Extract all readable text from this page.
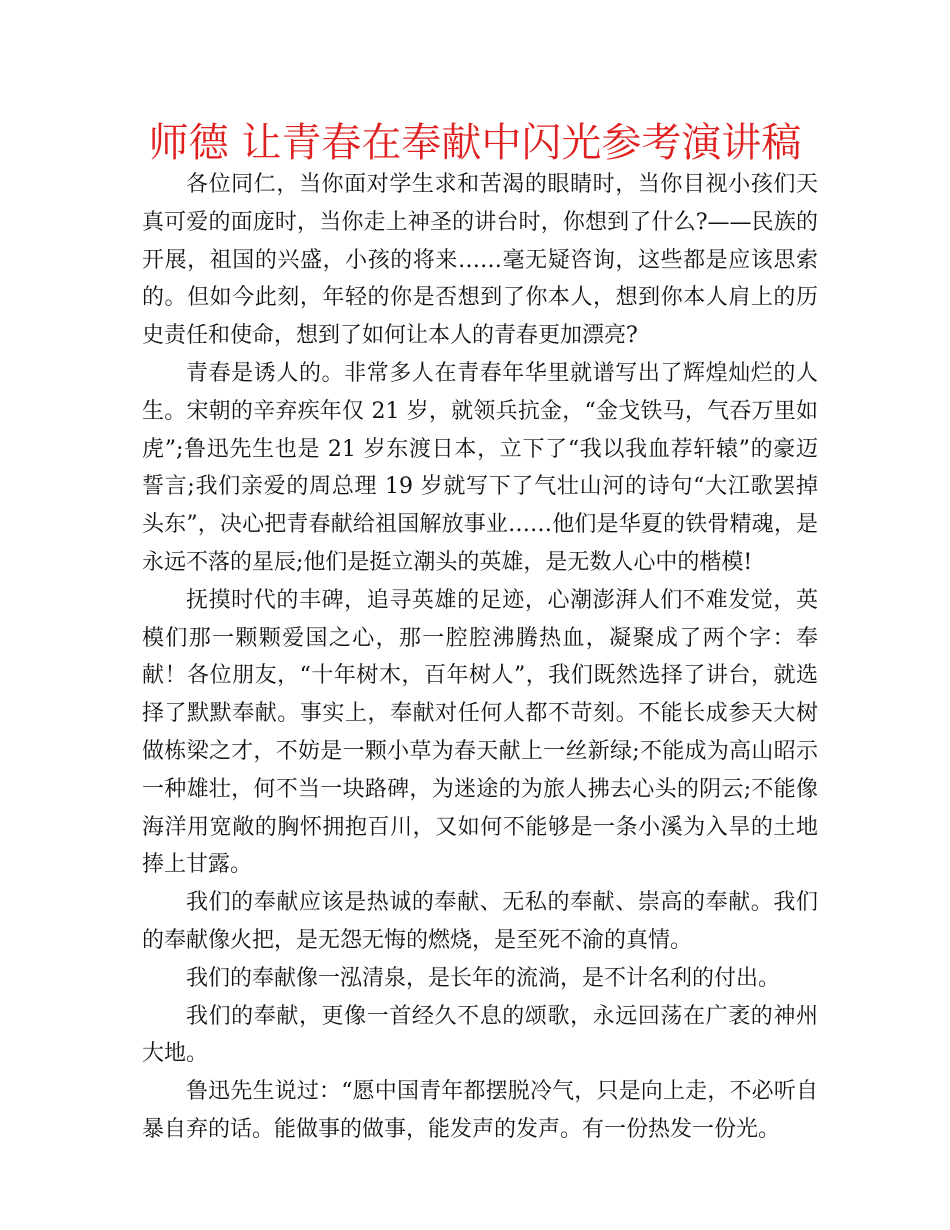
师德 让青春在奉献中闪光参考演讲稿

各位同仁，当你面对学生求和苦渴的眼睛时，当你目视小孩们天真可爱的面庞时，当你走上神圣的讲台时，你想到了什么?——民族的开展，祖国的兴盛，小孩的将来……毫无疑咨询，这些都是应该思索的。但如今此刻，年轻的你是否想到了你本人，想到你本人肩上的历史责任和使命，想到了如何让本人的青春更加漂亮?

青春是诱人的。非常多人在青春年华里就谱写出了辉煌灿烂的人生。宋朝的辛弃疾年仅 21 岁，就领兵抗金，“金戈铁马，气吞万里如虎”;鲁迅先生也是 21 岁东渡日本，立下了“我以我血荐轩辕”的豪迈誓言;我们亲爱的周总理 19 岁就写下了气壮山河的诗句“大江歌罢掉头东”，决心把青春献给祖国解放事业……他们是华夏的铁骨精魂，是永远不落的星辰;他们是挺立潮头的英雄，是无数人心中的楷模!

抚摸时代的丰碑，追寻英雄的足迹，心潮澎湃人们不难发觉，英模们那一颗颗爱国之心，那一腔腔沸腾热血，凝聚成了两个字：奉献！各位朋友，“十年树木，百年树人”，我们既然选择了讲台，就选择了默默奉献。事实上，奉献对任何人都不苛刻。不能长成参天大树做栋梁之才，不妨是一颗小草为春天献上一丝新绿;不能成为高山昭示一种雄壮，何不当一块路碑，为迷途的为旅人拂去心头的阴云;不能像海洋用宽敞的胸怀拥抱百川，又如何不能够是一条小溪为入旱的土地捧上甘露。

我们的奉献应该是热诚的奉献、无私的奉献、崇高的奉献。我们的奉献像火把，是无怨无悔的燃烧，是至死不渝的真情。

我们的奉献像一泓清泉，是长年的流淌，是不计名利的付出。

我们的奉献，更像一首经久不息的颂歌，永远回荡在广袤的神州大地。

鲁迅先生说过：“愿中国青年都摆脱冷气，只是向上走，不必听自暴自弃的话。能做事的做事，能发声的发声。有一份热发一份光。
